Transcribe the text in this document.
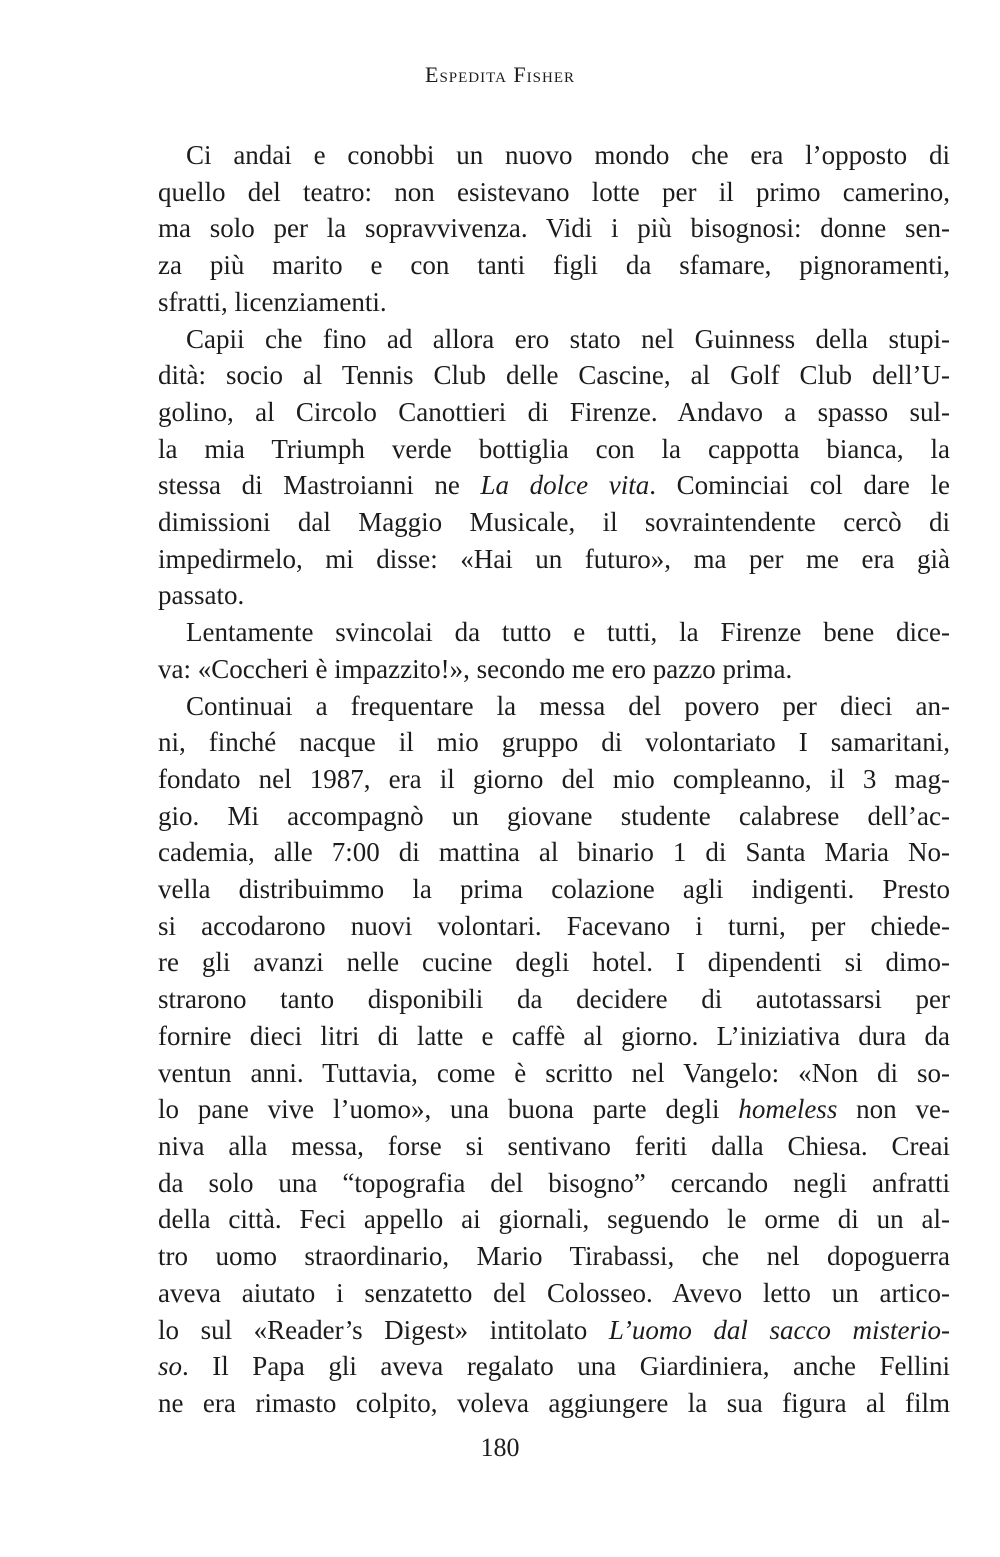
Espedita Fisher
Ci andai e conobbi un nuovo mondo che era l’opposto di
quello del teatro: non esistevano lotte per il primo camerino,
ma solo per la sopravvivenza. Vidi i più bisognosi: donne sen-
za più marito e con tanti figli da sfamare, pignoramenti,
sfratti, licenziamenti.
Capii che fino ad allora ero stato nel Guinness della stupi-
dità: socio al Tennis Club delle Cascine, al Golf Club dell’U-
golino, al Circolo Canottieri di Firenze. Andavo a spasso sul-
la mia Triumph verde bottiglia con la cappotta bianca, la
stessa di Mastroianni ne La dolce vita. Cominciai col dare le
dimissioni dal Maggio Musicale, il sovraintendente cercò di
impedirmelo, mi disse: «Hai un futuro», ma per me era già
passato.
Lentamente svincolai da tutto e tutti, la Firenze bene dice-
va: «Coccheri è impazzito!», secondo me ero pazzo prima.
Continuai a frequentare la messa del povero per dieci an-
ni, finché nacque il mio gruppo di volontariato I samaritani,
fondato nel 1987, era il giorno del mio compleanno, il 3 mag-
gio. Mi accompagnò un giovane studente calabrese dell’ac-
cademia, alle 7:00 di mattina al binario 1 di Santa Maria No-
vella distribuimmo la prima colazione agli indigenti. Presto
si accodarono nuovi volontari. Facevano i turni, per chiede-
re gli avanzi nelle cucine degli hotel. I dipendenti si dimo-
strarono tanto disponibili da decidere di autotassarsi per
fornire dieci litri di latte e caffè al giorno. L’iniziativa dura da
ventun anni. Tuttavia, come è scritto nel Vangelo: «Non di so-
lo pane vive l’uomo», una buona parte degli homeless non ve-
niva alla messa, forse si sentivano feriti dalla Chiesa. Creai
da solo una “topografia del bisogno” cercando negli anfratti
della città. Feci appello ai giornali, seguendo le orme di un al-
tro uomo straordinario, Mario Tirabassi, che nel dopoguerra
aveva aiutato i senzatetto del Colosseo. Avevo letto un artico-
lo sul «Reader’s Digest» intitolato L’uomo dal sacco misterio-
so. Il Papa gli aveva regalato una Giardiniera, anche Fellini
ne era rimasto colpito, voleva aggiungere la sua figura al film
180
